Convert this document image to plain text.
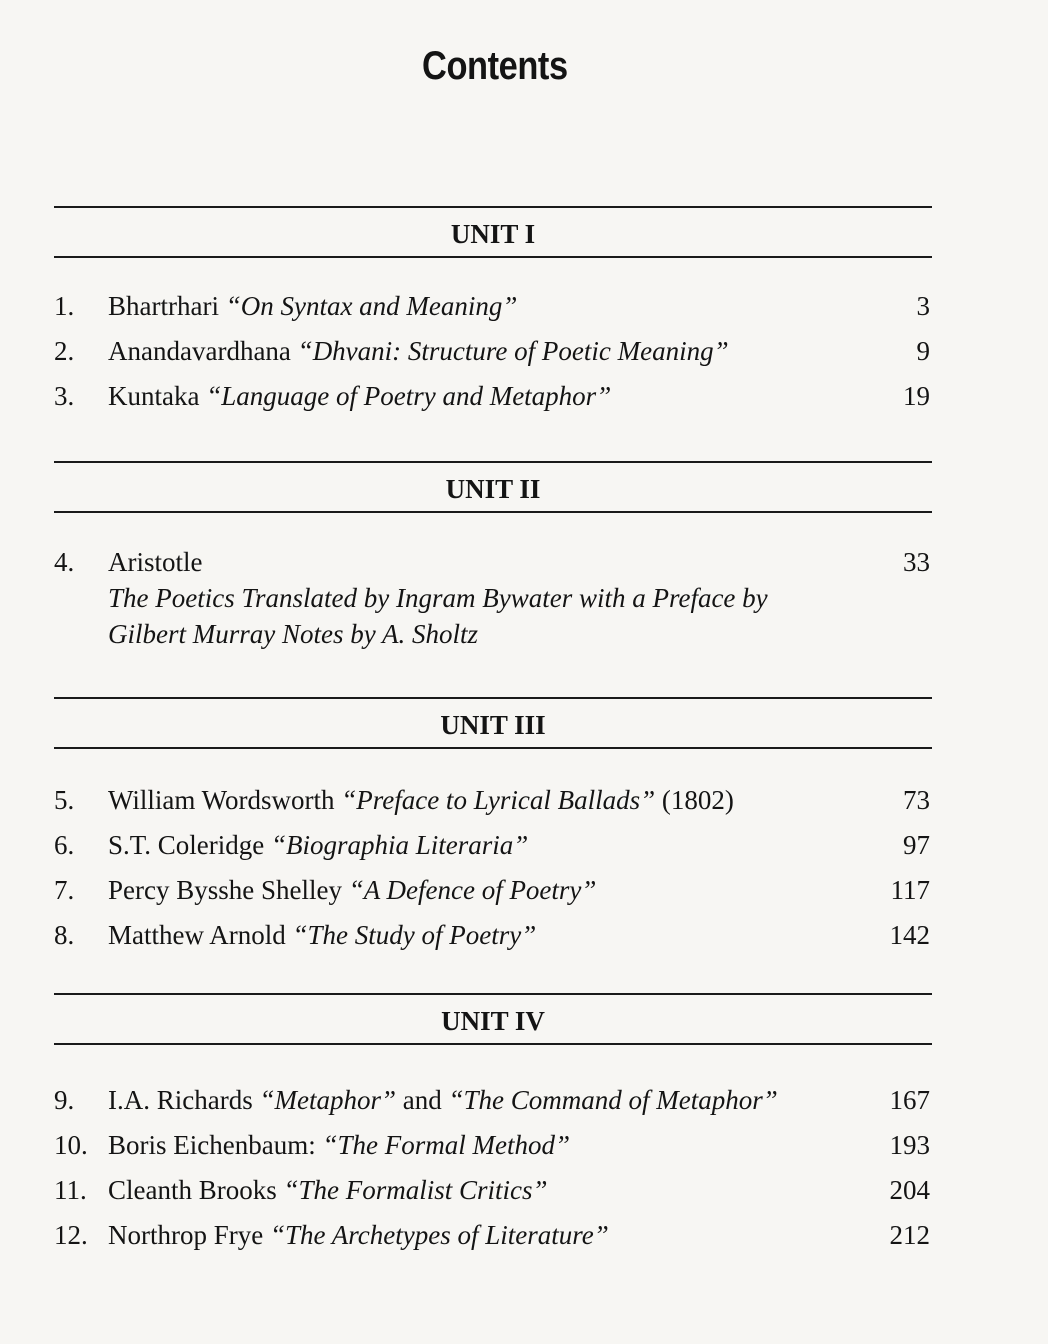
Contents
UNIT I
1. Bhartrhari “On Syntax and Meaning”	3
2. Anandavardhana “Dhvani: Structure of Poetic Meaning”	9
3. Kuntaka “Language of Poetry and Metaphor”	19
UNIT II
4. Aristotle	33
The Poetics Translated by Ingram Bywater with a Preface by
Gilbert Murray Notes by A. Sholtz
UNIT III
5. William Wordsworth “Preface to Lyrical Ballads” (1802)	73
6. S.T. Coleridge “Biographia Literaria”	97
7. Percy Bysshe Shelley “A Defence of Poetry”	117
8. Matthew Arnold “The Study of Poetry”	142
UNIT IV
9. I.A. Richards “Metaphor” and “The Command of Metaphor”	167
10. Boris Eichenbaum: “The Formal Method”	193
11. Cleanth Brooks “The Formalist Critics”	204
12. Northrop Frye “The Archetypes of Literature”	212
